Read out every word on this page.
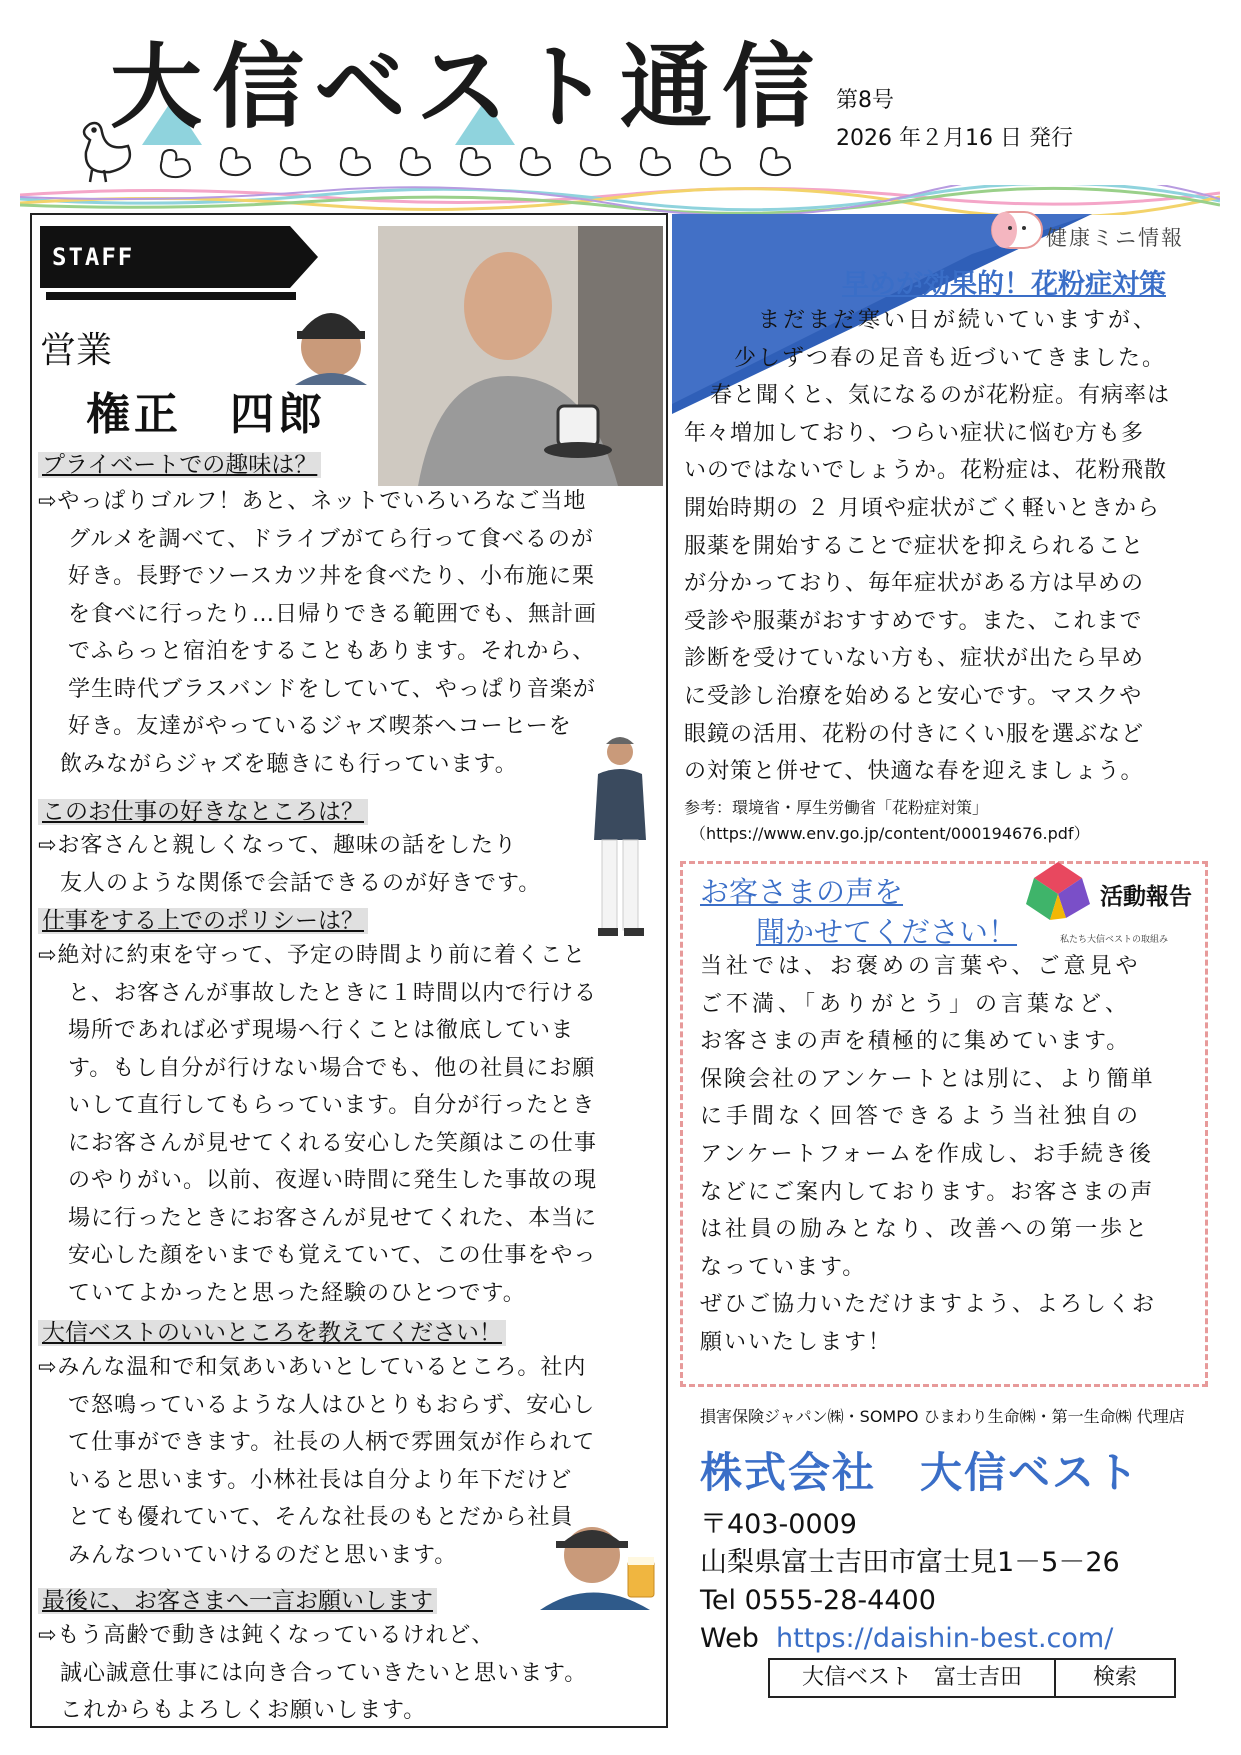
大信ベスト通信 第8号
2026 年２月16 日 発行
STAFF INTERVIEW
営業
権正　四郎
プライベートでの趣味は？
⇨やっぱりゴルフ！あと、ネットでいろいろなご当地
グルメを調べて、ドライブがてら行って食べるのが
好き。長野でソースカツ丼を食べたり、小布施に栗
を食べに行ったり…日帰りできる範囲でも、無計画
でふらっと宿泊をすることもあります。それから、
学生時代ブラスバンドをしていて、やっぱり音楽が
好き。友達がやっているジャズ喫茶へコーヒーを
飲みながらジャズを聴きにも行っています。
このお仕事の好きなところは？
⇨お客さんと親しくなって、趣味の話をしたり
友人のような関係で会話できるのが好きです。
仕事をする上でのポリシーは？
⇨絶対に約束を守って、予定の時間より前に着くこと
と、お客さんが事故したときに１時間以内で行ける
場所であれば必ず現場へ行くことは徹底していま
す。もし自分が行けない場合でも、他の社員にお願
いして直行してもらっています。自分が行ったとき
にお客さんが見せてくれる安心した笑顔はこの仕事
のやりがい。以前、夜遅い時間に発生した事故の現
場に行ったときにお客さんが見せてくれた、本当に
安心した顔をいまでも覚えていて、この仕事をやっ
ていてよかったと思った経験のひとつです。
大信ベストのいいところを教えてください！
⇨みんな温和で和気あいあいとしているところ。社内
で怒鳴っているような人はひとりもおらず、安心し
て仕事ができます。社長の人柄で雰囲気が作られて
いると思います。小林社長は自分より年下だけど
とても優れていて、そんな社長のもとだから社員
みんなついていけるのだと思います。
最後に、お客さまへ一言お願いします
⇨もう高齢で動きは鈍くなっているけれど、
誠心誠意仕事には向き合っていきたいと思います。
これからもよろしくお願いします。
健康ミニ情報
早めが効果的！花粉症対策
まだまだ寒い日が続いていますが、
少しずつ春の足音も近づいてきました。
春と聞くと、気になるのが花粉症。有病率は
年々増加しており、つらい症状に悩む方も多
いのではないでしょうか。花粉症は、花粉飛散
開始時期の ２ 月頃や症状がごく軽いときから
服薬を開始することで症状を抑えられること
が分かっており、毎年症状がある方は早めの
受診や服薬がおすすめです。また、これまで
診断を受けていない方も、症状が出たら早め
に受診し治療を始めると安心です。マスクや
眼鏡の活用、花粉の付きにくい服を選ぶなど
の対策と併せて、快適な春を迎えましょう。
参考：環境省・厚生労働省「花粉症対策」
（https://www.env.go.jp/content/000194676.pdf）
お客さまの声を
聞かせてください！
活動報告
私たち大信ベストの取組み
当社では、お褒めの言葉や、ご意見や
ご不満、「ありがとう」の言葉など、
お客さまの声を積極的に集めています。
保険会社のアンケートとは別に、より簡単
に手間なく回答できるよう当社独自の
アンケートフォームを作成し、お手続き後
などにご案内しております。お客さまの声
は社員の励みとなり、改善への第一歩と
なっています。
ぜひご協力いただけますよう、よろしくお
願いいたします！
損害保険ジャパン㈱・SOMPO ひまわり生命㈱・第一生命㈱ 代理店
株式会社　大信ベスト
〒403-0009
山梨県富士吉田市富士見1－5－26
Tel 0555-28-4400
Web https://daishin-best.com/
大信ベスト　富士吉田	検索
